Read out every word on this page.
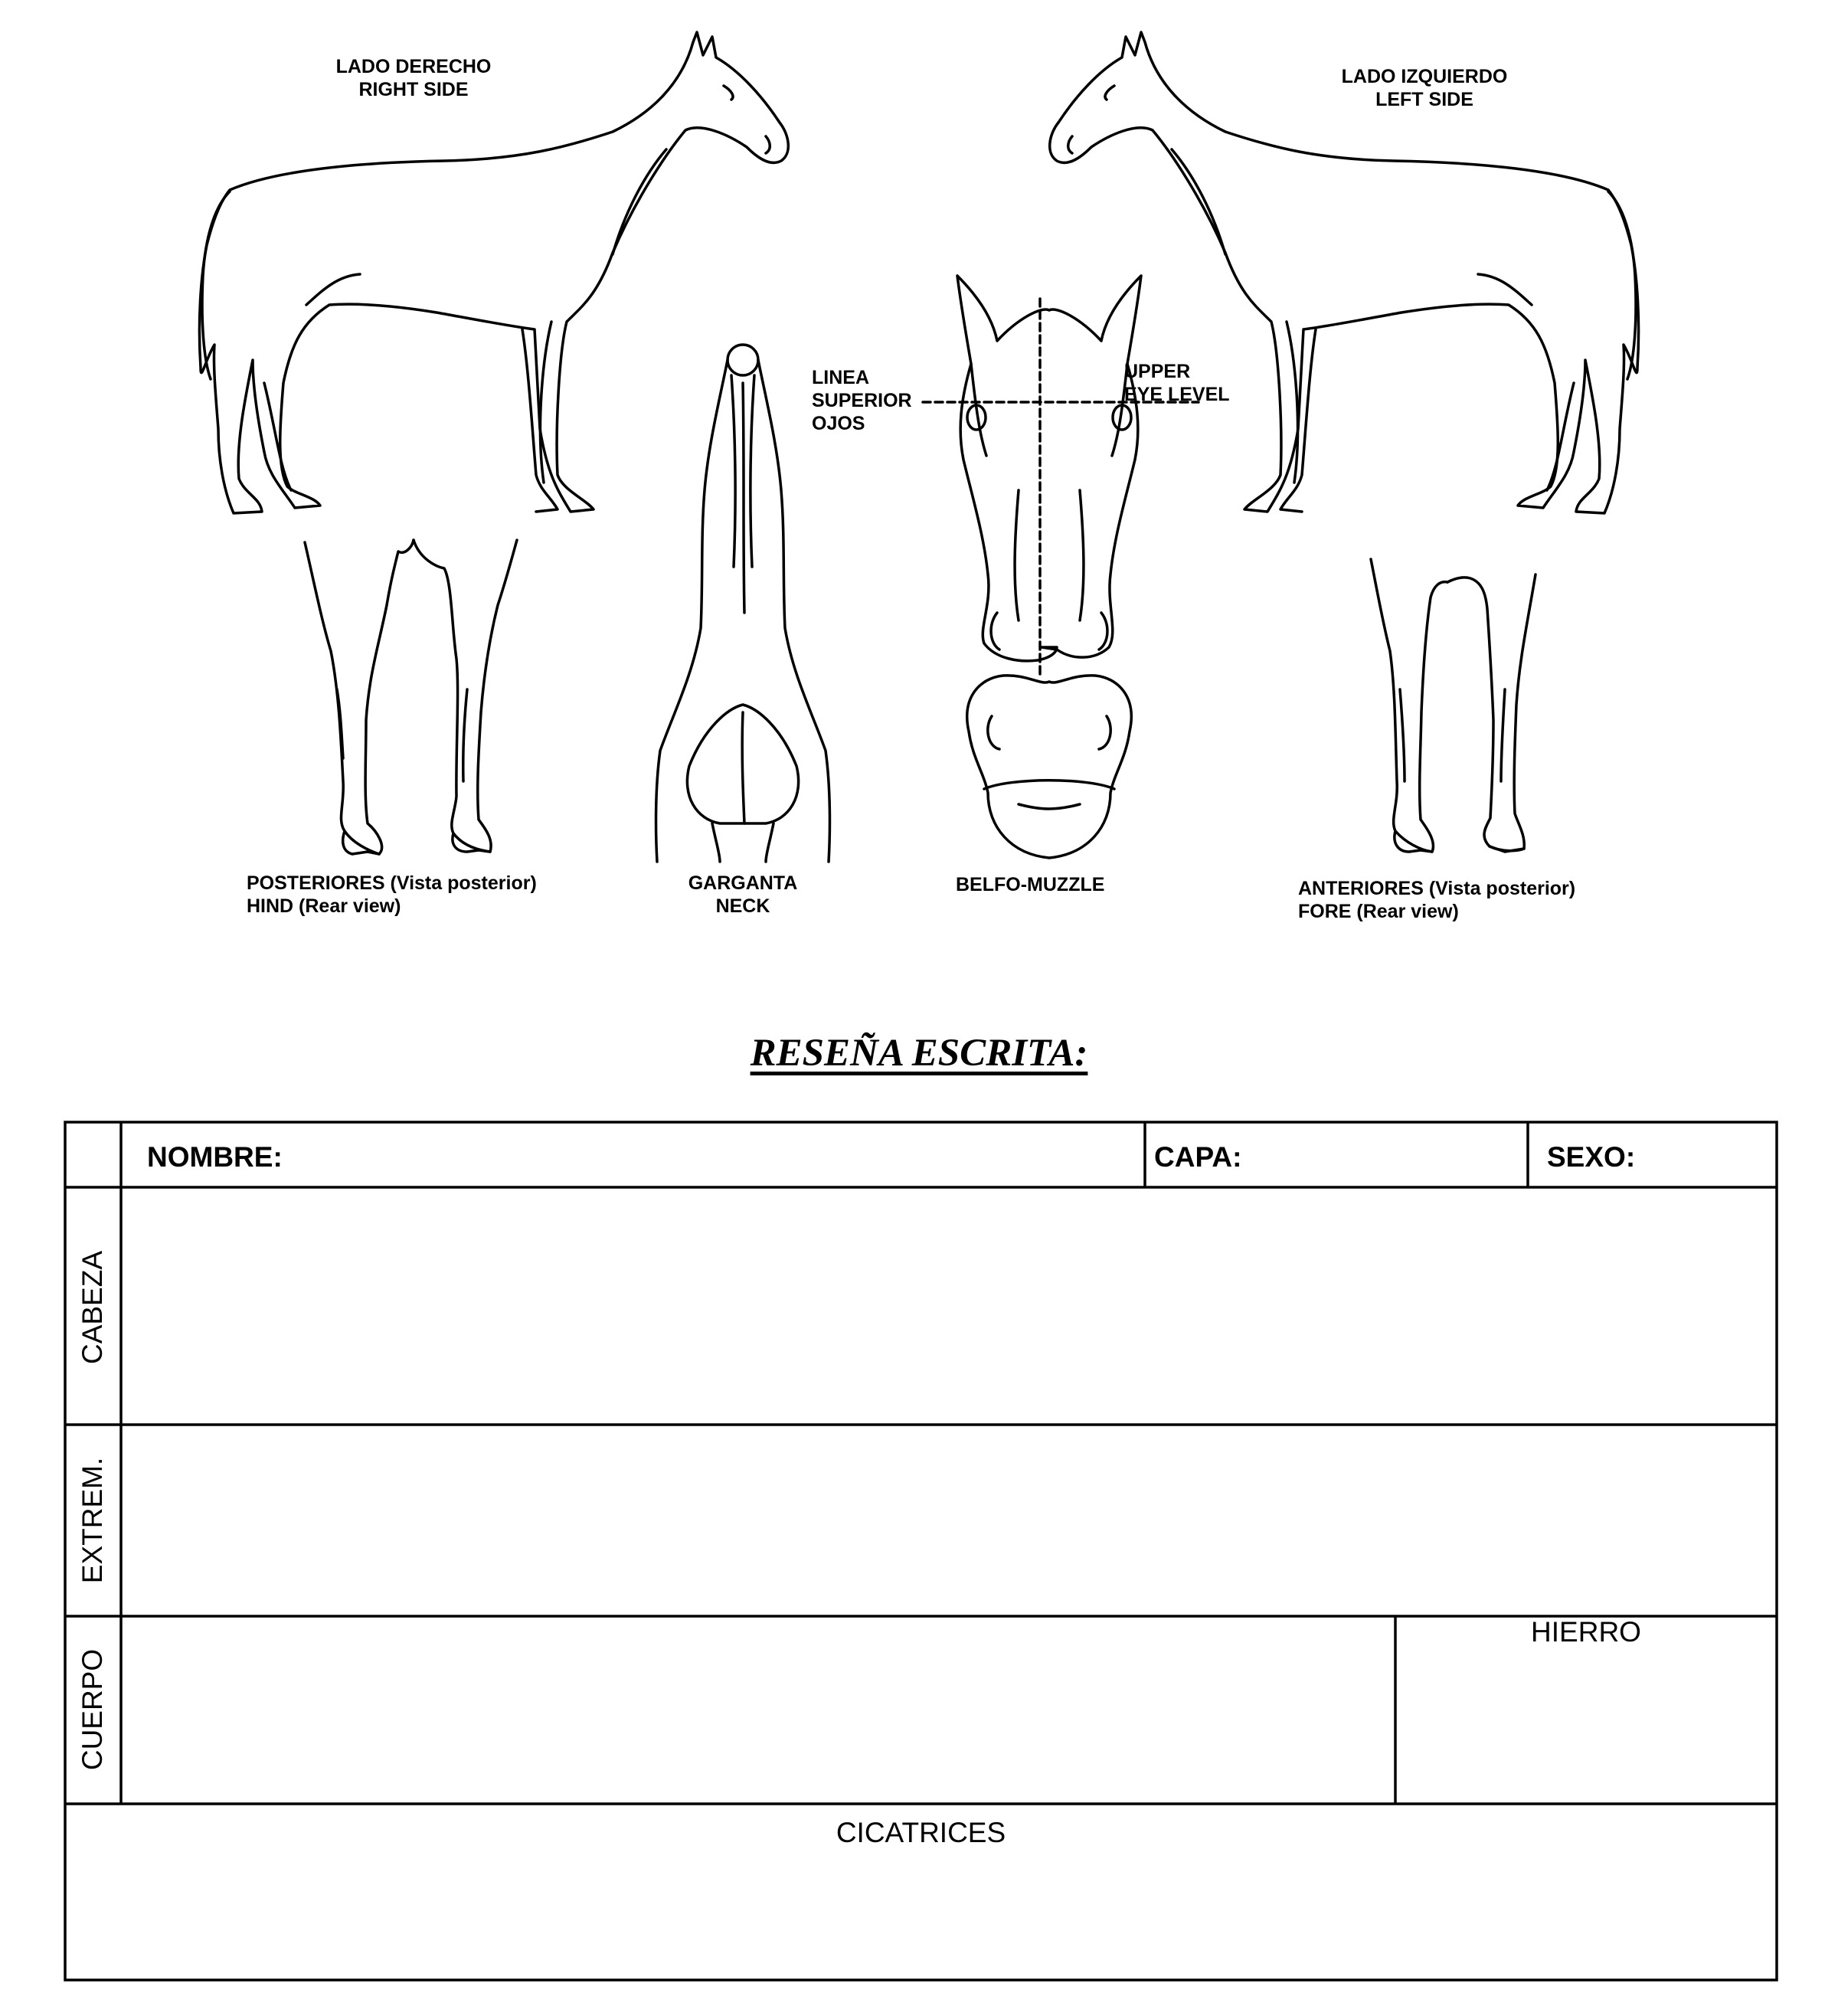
LADO DERECHO
RIGHT SIDE
LADO IZQUIERDO
LEFT SIDE
LINEA
SUPERIOR
OJOS
UPPER
EYE LEVEL
POSTERIORES (Vista posterior)
HIND (Rear view)
GARGANTA
NECK
BELFO-MUZZLE	ANTERIORES (Vista posterior)
FORE (Rear view)
RESEÑA ESCRITA:
NOMBRE:	CAPA:	SEXO:
CABEZA
EXTREM.
CUERPO
HIERRO
CICATRICES
